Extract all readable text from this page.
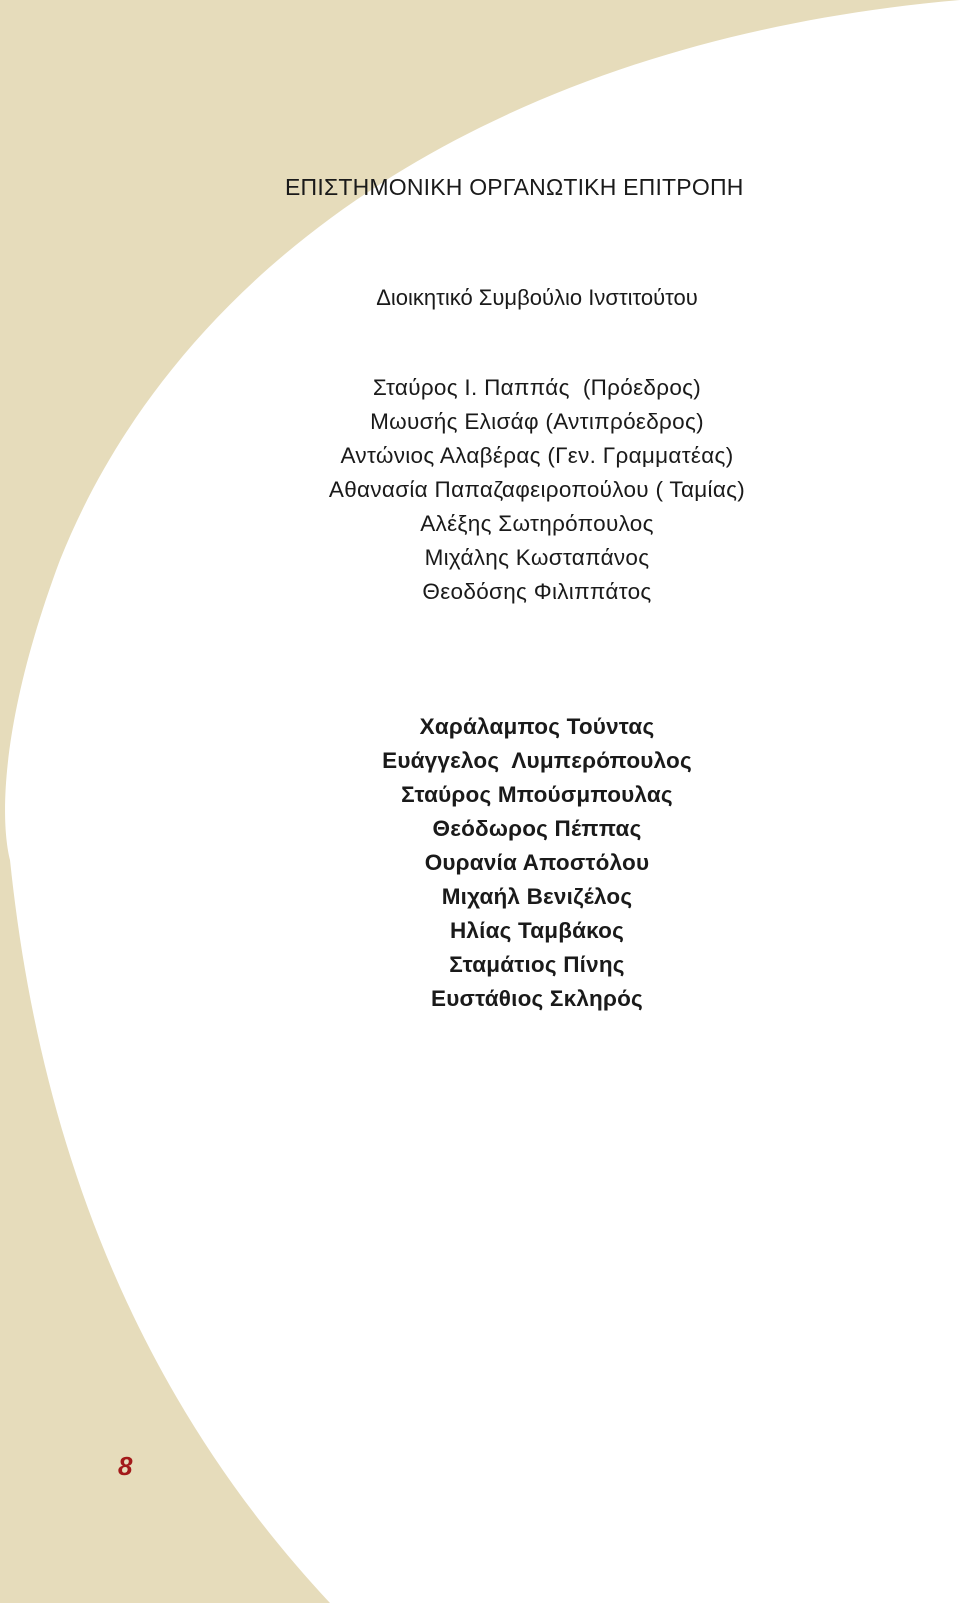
ΕΠΙΣΤΗΜΟΝΙΚΗ ΟΡΓΑΝΩΤΙΚΗ ΕΠΙΤΡΟΠΗ
Διοικητικό Συμβούλιο Ινστιτούτου
Σταύρος Ι. Παππάς  (Πρόεδρος)
Μωυσής Ελισάφ (Αντιπρόεδρος)
Αντώνιος Αλαβέρας (Γεν. Γραμματέας)
Αθανασία Παπαζαφειροπούλου ( Ταμίας)
Αλέξης Σωτηρόπουλος
Μιχάλης Κωσταπάνος
Θεοδόσης Φιλιππάτος
Χαράλαμπος Τούντας
Ευάγγελος  Λυμπερόπουλος
Σταύρος Μπούσμπουλας
Θεόδωρος Πέππας
Ουρανία Αποστόλου
Μιχαήλ Βενιζέλος
Ηλίας Ταμβάκος
Σταμάτιος Πίνης
Ευστάθιος Σκληρός
8
